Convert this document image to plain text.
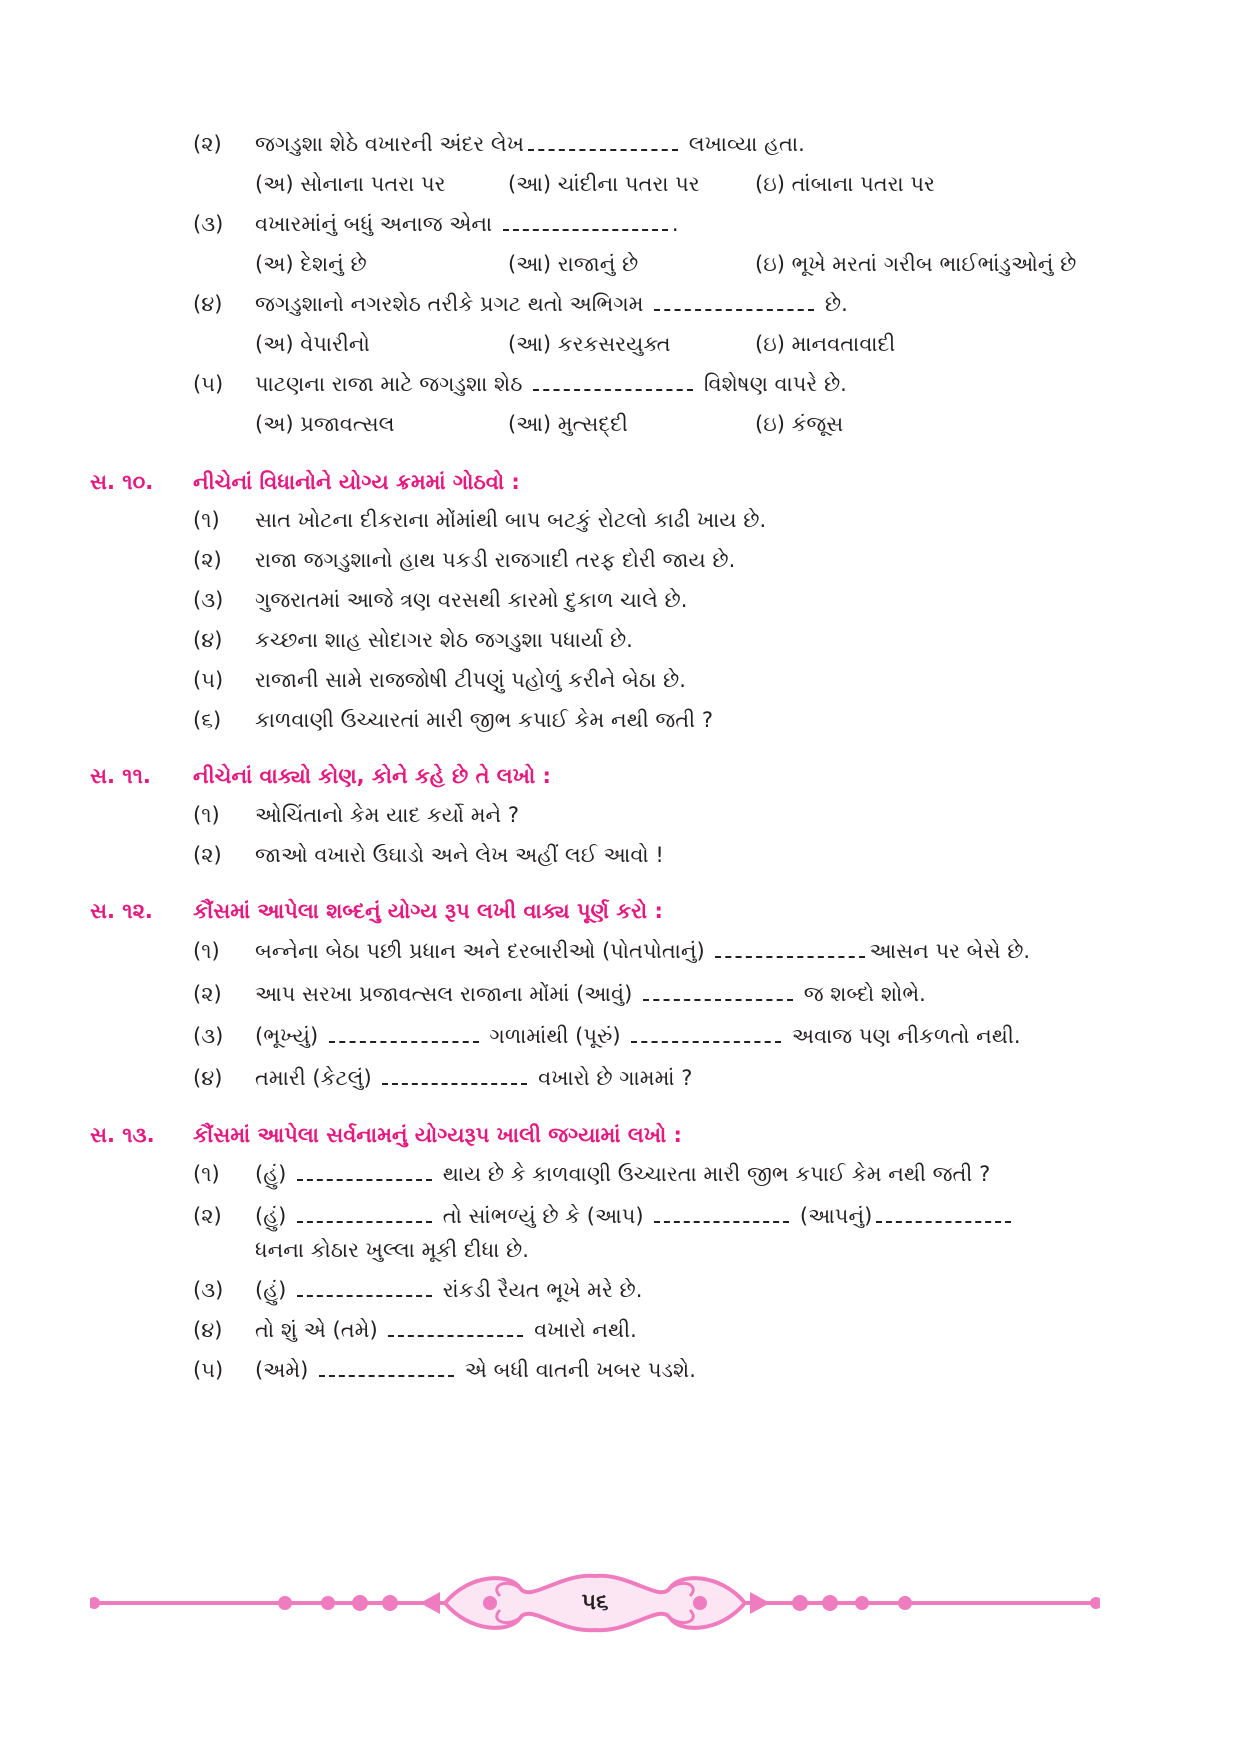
(૨) જગડુશા શેઠે વખારની અંદર લેખ	લખાવ્યા હતા.
(અ) સોનાના પતરા પર	(આ) ચાંદીના પતરા પર	(ઇ) તાંબાના પતરા પર
(૩) વખારમાંનું બધું અનાજ એના	.
(અ) દેશનું છે	(આ) રાજાનું છે	(ઇ) ભૂખે મરતાં ગરીબ ભાઈભાંડુઓનું છે
(૪) જગડુશાનો નગરશેઠ તરીકે પ્રગટ થતો અભિગમ	છે.
(અ) વેપારીનો	(આ) કરકસરયુક્ત	(ઇ) માનવતાવાદી
(૫) પાટણના રાજા માટે જગડુશા શેઠ	વિશેષણ વાપરે છે.
(અ) પ્રજાવત્સલ	(આ) મુત્સદ્દી	(ઇ) કંજૂસ
સ. ૧૦. નીચેનાં વિધાનોને યોગ્ય ક્રમમાં ગોઠવો :
(૧) સાત ખોટના દીકરાના મોંમાંથી બાપ બટકું રોટલો કાઢી ખાય છે.
(૨) રાજા જગડુશાનો હાથ પકડી રાજગાદી તરફ દોરી જાય છે.
(૩) ગુજરાતમાં આજે ત્રણ વરસથી કારમો દુકાળ ચાલે છે.
(૪) કચ્છના શાહ સોદાગર શેઠ જગડુશા પધાર્યા છે.
(૫) રાજાની સામે રાજજોષી ટીપણું પહોળું કરીને બેઠા છે.
(૬) કાળવાણી ઉચ્ચારતાં મારી જીભ કપાઈ કેમ નથી જતી ?
સ. ૧૧. નીચેનાં વાક્યો કોણ, કોને કહે છે તે લખો :
(૧) ઓચિંતાનો કેમ યાદ કર્યો મને ?
(૨) જાઓ વખારો ઉઘાડો અને લેખ અહીં લઈ આવો !
સ. ૧૨. કૌંસમાં આપેલા શબ્દનું યોગ્ય રૂપ લખી વાક્ય પૂર્ણ કરો :
(૧) બન્નેના બેઠા પછી પ્રધાન અને દરબારીઓ (પોતપોતાનું)	આસન પર બેસે છે.
(૨) આપ સરખા પ્રજાવત્સલ રાજાના મોંમાં (આવું)	જ શબ્દો શોભે.
(૩) (ભૂખ્યું)	ગળામાંથી (પૂરું)	અવાજ પણ નીકળતો નથી.
(૪) તમારી (કેટલું)	વખારો છે ગામમાં ?
સ. ૧૩. કૌંસમાં આપેલા સર્વનામનું યોગ્યરૂપ ખાલી જગ્યામાં લખો :
(૧) (હું)	થાય છે કે કાળવાણી ઉચ્ચારતા મારી જીભ કપાઈ કેમ નથી જતી ?
(૨) (હું)	તો સાંભળ્યું છે કે (આપ)	(આપનું)
ધનના કોઠાર ખુલ્લા મૂકી દીધા છે.
(૩) (હું)	રાંકડી રૈયત ભૂખે મરે છે.
(૪) તો શું એ (તમે)	વખારો નથી.
(૫) (અમે)	એ બધી વાતની ખબર પડશે.
૫૬
